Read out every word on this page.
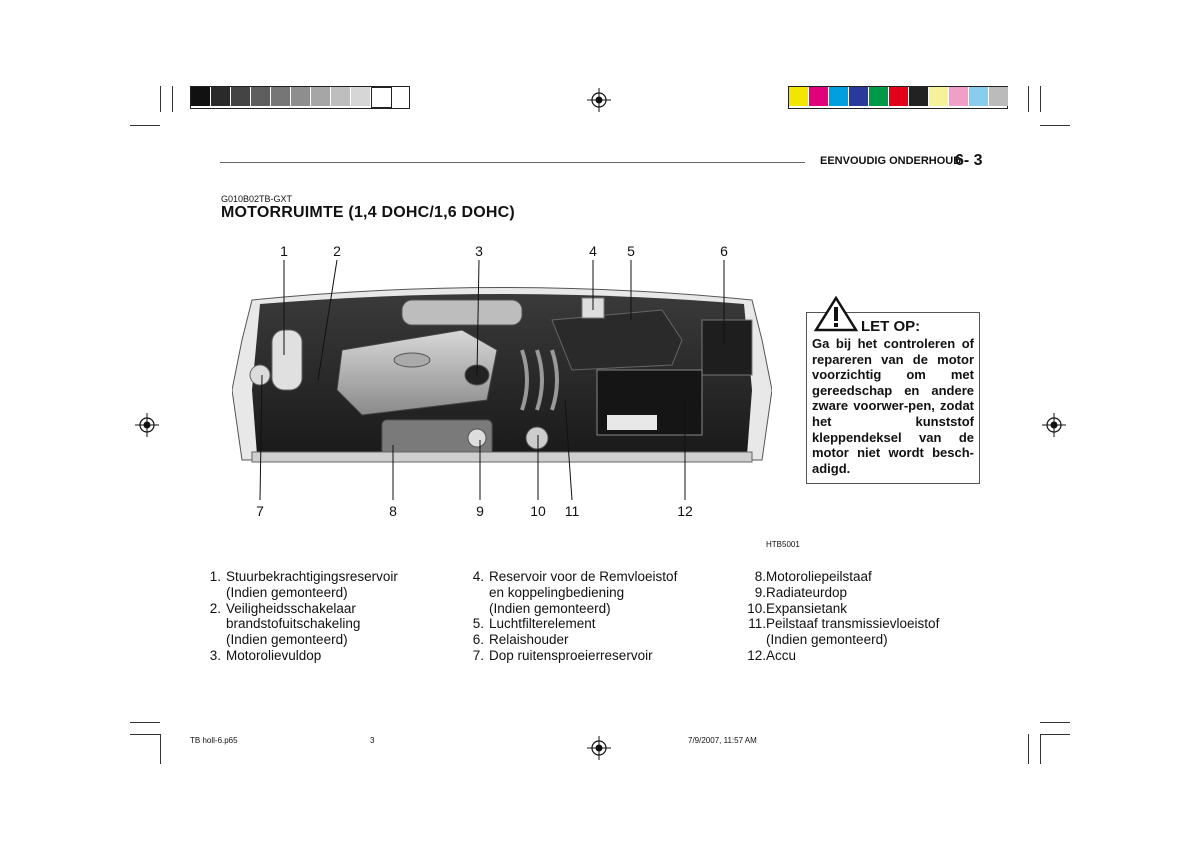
EENVOUDIG ONDERHOUD
6- 3
G010B02TB-GXT
MOTORRUIMTE (1,4 DOHC/1,6 DOHC)
1	2	3	4	5	6
7	8	9	10 11	12
LET OP:
Ga bij het controleren of repareren van de motor voorzichtig om met gereedschap en andere zware voorwer-pen, zodat het kunststof kleppendeksel van de motor niet wordt besch-adigd.
HTB5001
1. Stuurbekrachtigingsreservoir
(Indien gemonteerd)
2. Veiligheidsschakelaar
brandstofuitschakeling
(Indien gemonteerd)
3. Motorolievuldop
4. Reservoir voor de Remvloeistof
en koppelingbediening
(Indien gemonteerd)
5. Luchtfilterelement
6. Relaishouder
7. Dop ruitensproeierreservoir
8. Motoroliepeilstaaf
9. Radiateurdop
10. Expansietank
11. Peilstaaf transmissievloeistof
(Indien gemonteerd)
12. Accu
TB holl-6.p65	3	7/9/2007, 11:57 AM
